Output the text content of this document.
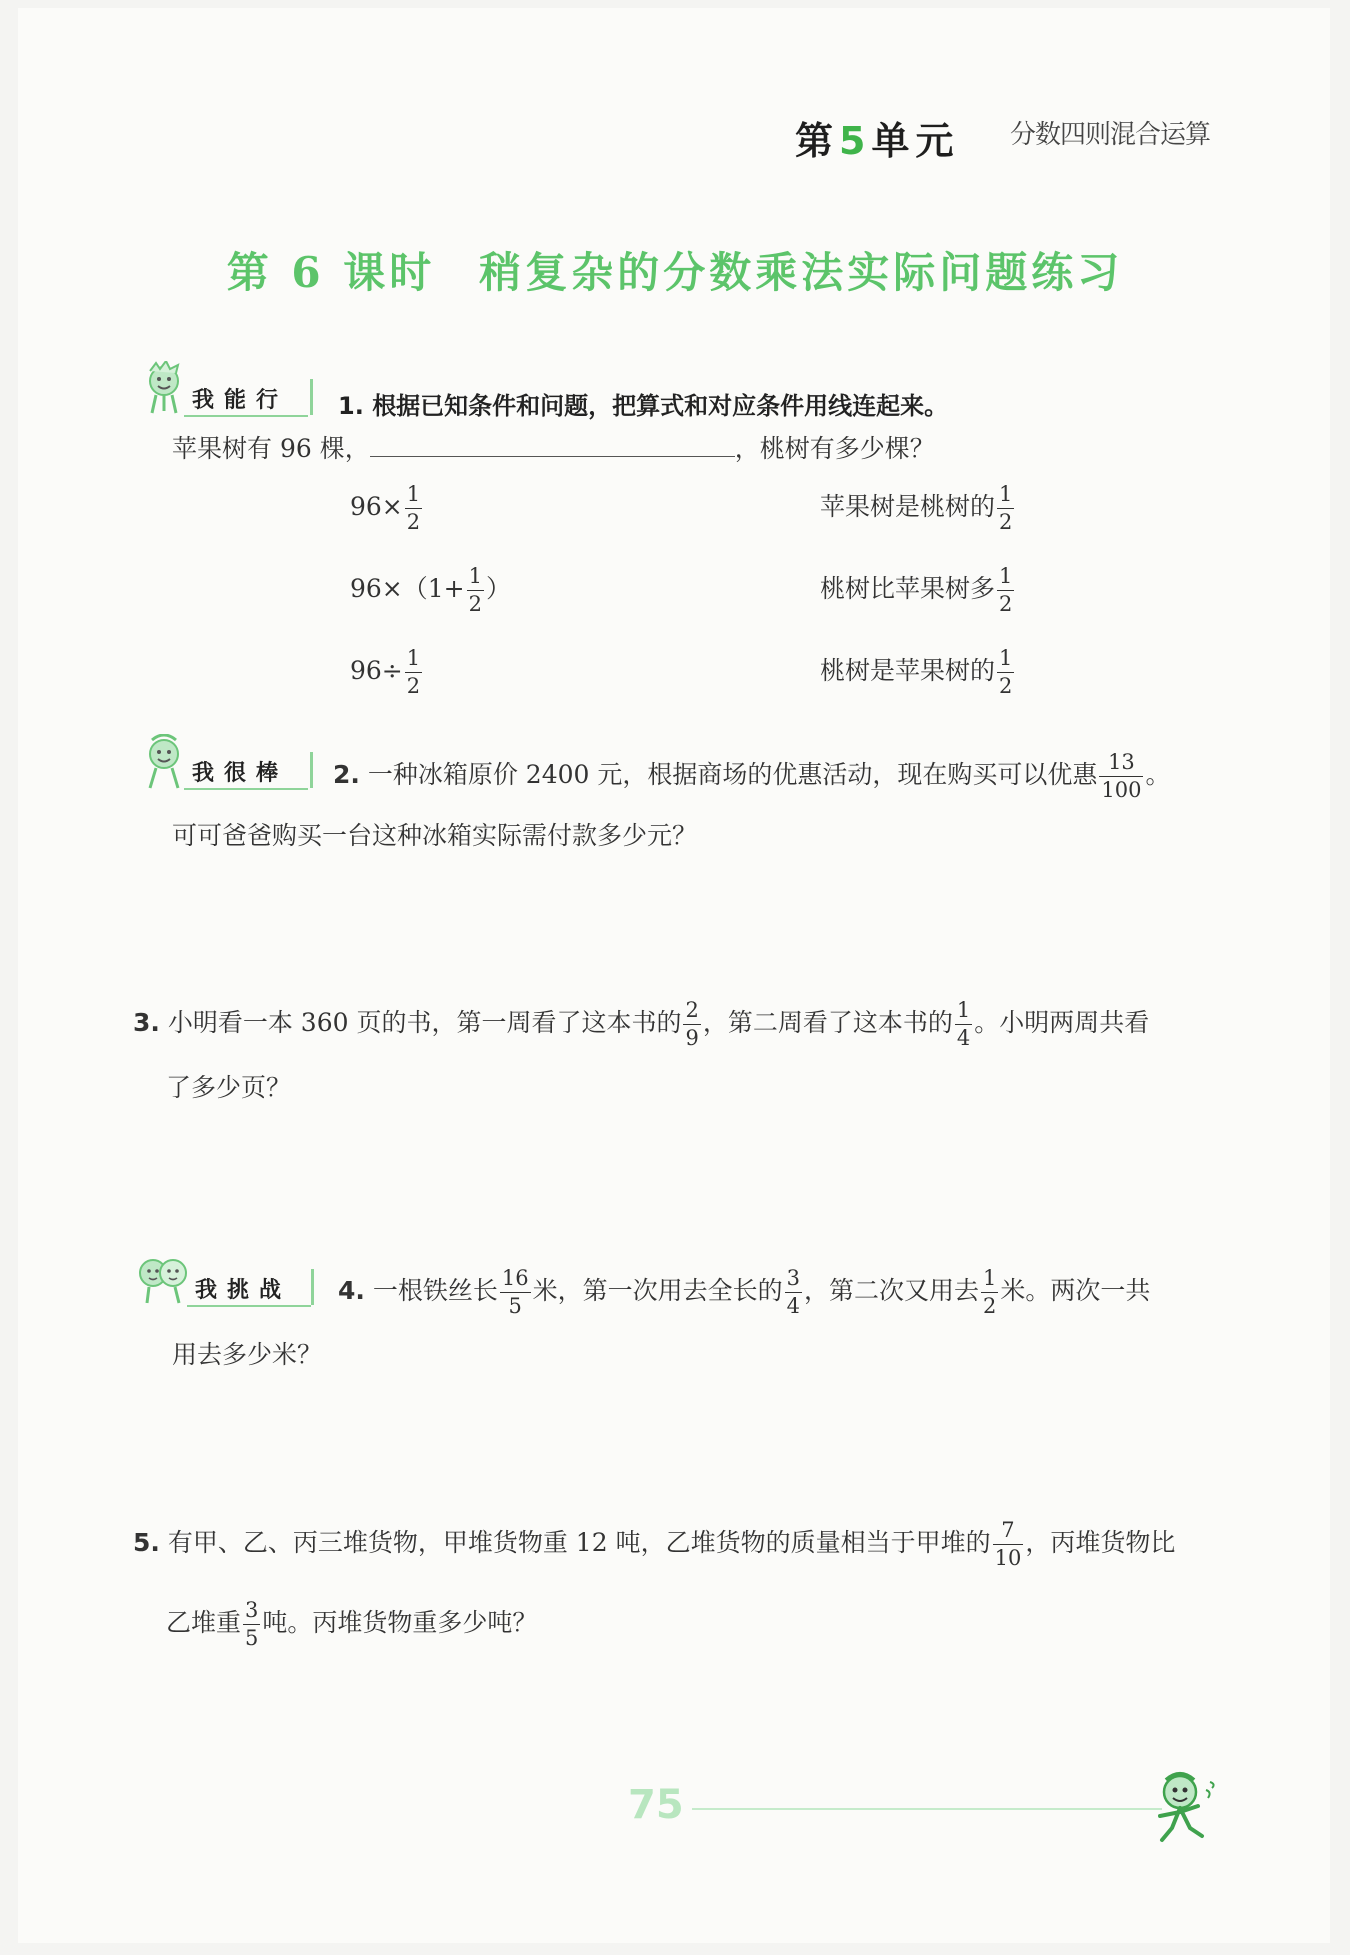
第5单元 分数四则混合运算
第 6 课时 稍复杂的分数乘法实际问题练习
我能行 1. 根据已知条件和问题，把算式和对应条件用线连起来。
苹果树有 96 棵，	，桃树有多少棵？
$96\times \frac{1}{2}$
$96\times(1+ \frac{1}{2}$ ）
$96\div \frac{1}{2}$
苹果树是桃树的 $\frac{1}{2}$
桃树比苹果树多 $\frac{1}{2}$
桃树是苹果树的 $\frac{1}{2}$
我很棒 2. 一种冰箱原价 2400 元，根据商场的优惠活动，现在购买可以优惠 $\frac{13}{100}$ 。
可可爸爸购买一台这种冰箱实际需付款多少元？
3. 小明看一本 360 页的书，第一周看了这本书的 $\frac{2}{9}$ ，第二周看了这本书的 $\frac{1}{4}$ 。小明两周共看
了多少页？
我挑战 4. 一根铁丝长 $\frac{16}{5}$ 米，第一次用去全长的 $\frac{3}{4}$ ，第二次又用去 $\frac{1}{2}$ 米。两次一共
用去多少米？
5. 有甲、乙、丙三堆货物，甲堆货物重 12 吨，乙堆货物的质量相当于甲堆的 $\frac{7}{10}$ ，丙堆货物比
乙堆重 $\frac{3}{5}$ 吨。丙堆货物重多少吨？
75
